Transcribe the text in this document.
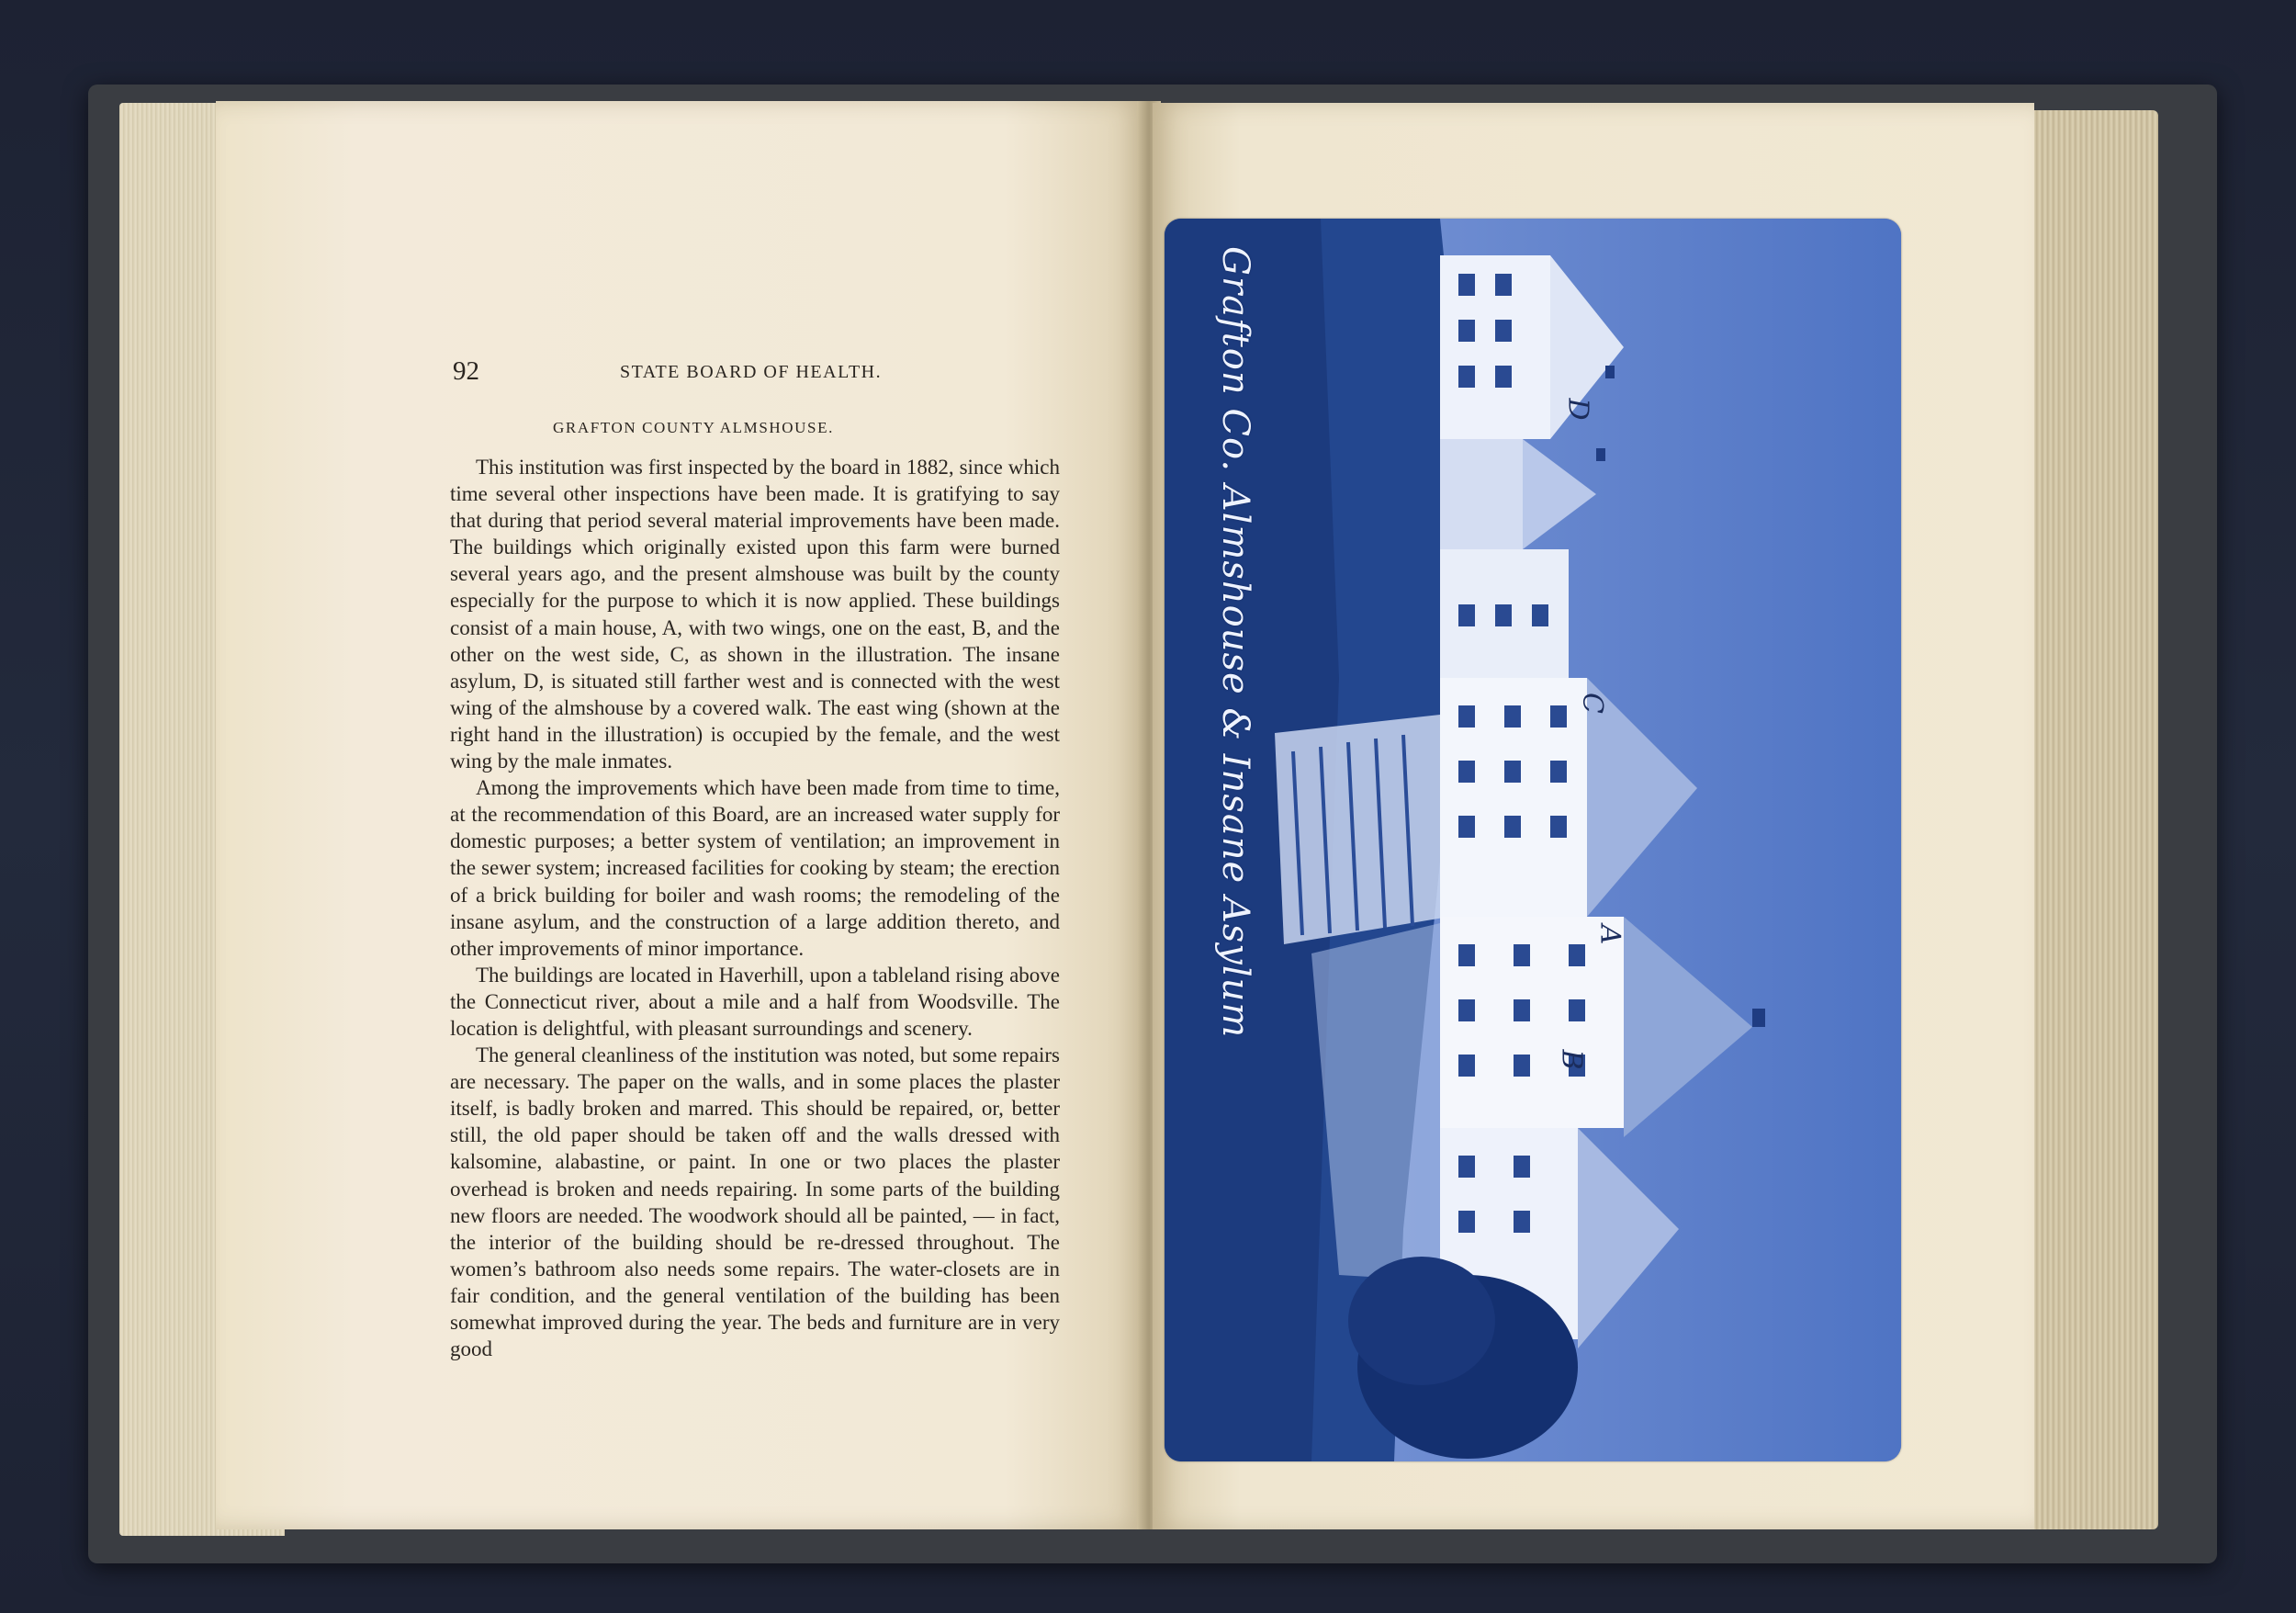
92	STATE BOARD OF HEALTH.
GRAFTON COUNTY ALMSHOUSE.

This institution was first inspected by the board in 1882, since which time several other inspections have been made. It is gratifying to say that during that period several material improvements have been made. The buildings which originally existed upon this farm were burned several years ago, and the present almshouse was built by the county especially for the purpose to which it is now applied. These buildings consist of a main house, A, with two wings, one on the east, B, and the other on the west side, C, as shown in the illustration. The insane asylum, D, is situated still farther west and is connected with the west wing of the almshouse by a covered walk. The east wing (shown at the right hand in the illustration) is occupied by the female, and the west wing by the male inmates.

Among the improvements which have been made from time to time, at the recommendation of this Board, are an increased water supply for domestic purposes; a better system of ventilation; an improvement in the sewer system; increased facilities for cooking by steam; the erection of a brick building for boiler and wash rooms; the remodeling of the insane asylum, and the construction of a large addition thereto, and other improvements of minor importance.

The buildings are located in Haverhill, upon a tableland rising above the Connecticut river, about a mile and a half from Woodsville. The location is delightful, with pleasant surroundings and scenery.

The general cleanliness of the institution was noted, but some repairs are necessary. The paper on the walls, and in some places the plaster itself, is badly broken and marred. This should be repaired, or, better still, the old paper should be taken off and the walls dressed with kalsomine, alabastine, or paint. In one or two places the plaster overhead is broken and needs repairing. In some parts of the building new floors are needed. The woodwork should all be painted, — in fact, the interior of the building should be re-dressed throughout. The women’s bathroom also needs some repairs. The water-closets are in fair condition, and the general ventilation of the building has been somewhat improved during the year. The beds and furniture are in very good

Grafton Co. Almshouse & Insane Asylum	D
C
A
B
